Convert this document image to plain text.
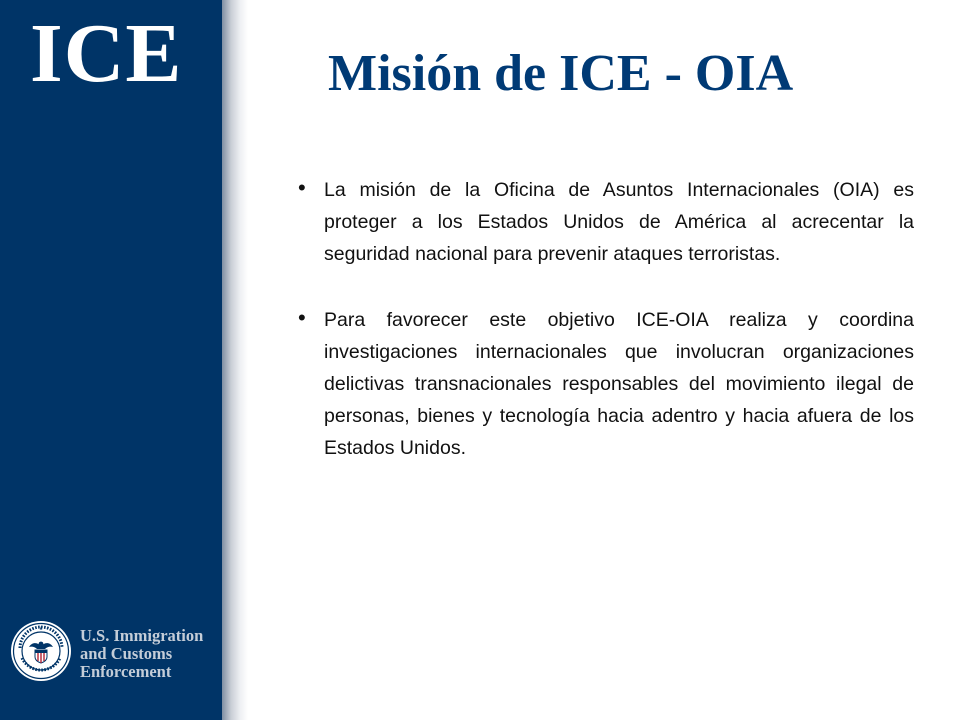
ICE
U.S. Immigration
and Customs
Enforcement
Misión de ICE - OIA
• La misión de la Oficina de Asuntos Internacionales (OIA) es proteger a los Estados Unidos de América al acrecentar la seguridad nacional para prevenir ataques terroristas.
• Para favorecer este objetivo ICE-OIA realiza y coordina investigaciones internacionales que involucran organizaciones delictivas transnacionales responsables del movimiento ilegal de personas, bienes y tecnología hacia adentro y hacia afuera de los Estados Unidos.
